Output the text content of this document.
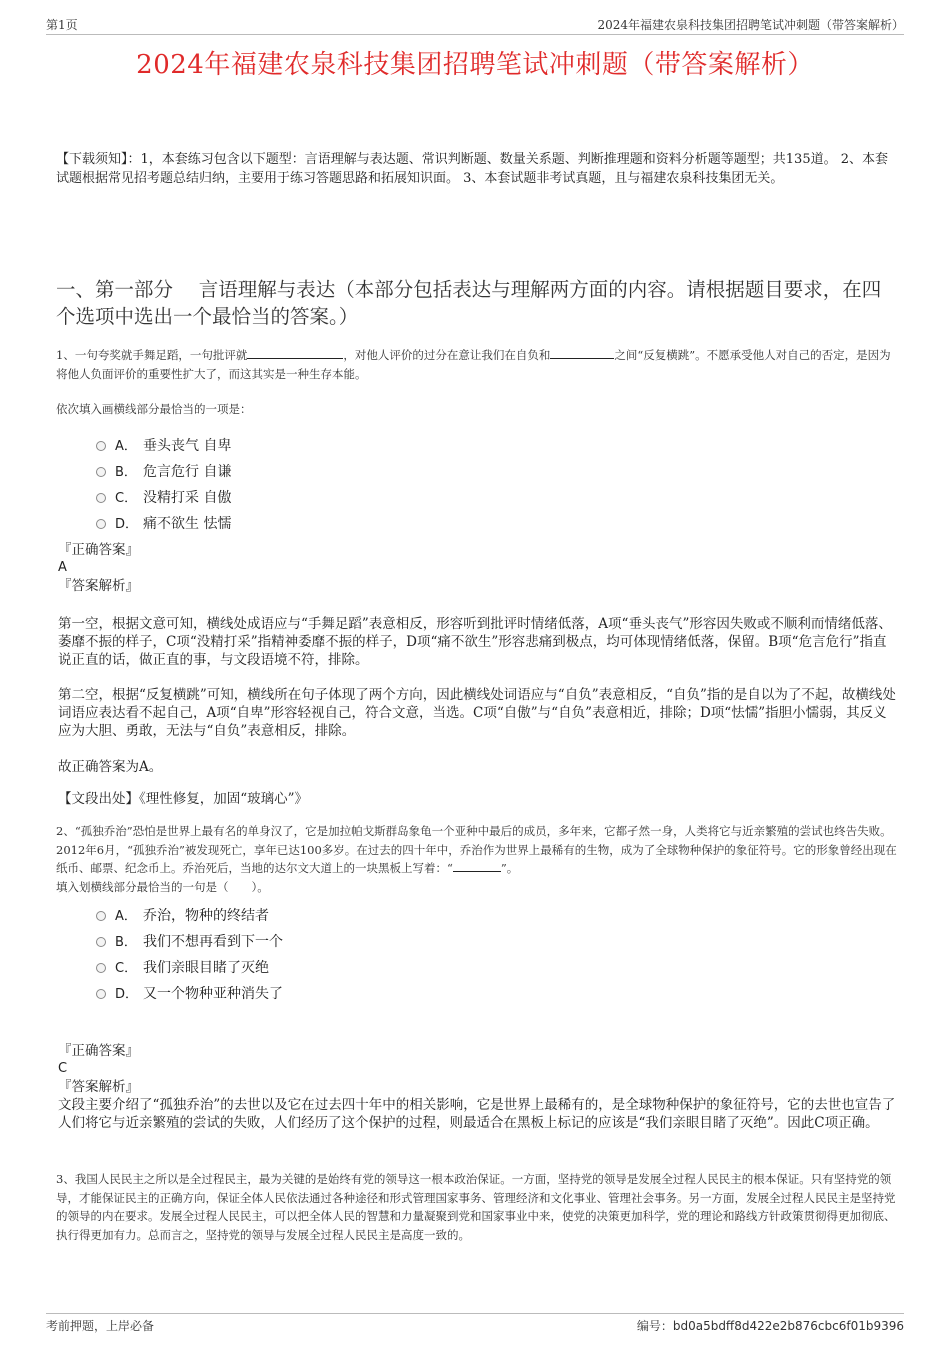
第1页	2024年福建农泉科技集团招聘笔试冲刺题（带答案解析）
2024年福建农泉科技集团招聘笔试冲刺题（带答案解析）
【下载须知】：1，本套练习包含以下题型：言语理解与表达题、常识判断题、数量关系题、判断推理题和资料分析题等题型；共135道。 2、本套试题根据常见招考题总结归纳，主要用于练习答题思路和拓展知识面。 3、本套试题非考试真题，且与福建农泉科技集团无关。
一、第一部分　 言语理解与表达（本部分包括表达与理解两方面的内容。请根据题目要求，在四个选项中选出一个最恰当的答案。）
1、一句夸奖就手舞足蹈，一句批评就	，对他人评价的过分在意让我们在自负和	之间“反复横跳”。不愿承受他人对自己的否定，是因为将他人负面评价的重要性扩大了，而这其实是一种生存本能。
依次填入画横线部分最恰当的一项是：
A． 垂头丧气 自卑
B． 危言危行 自谦
C． 没精打采 自傲
D． 痛不欲生 怯懦
『正确答案』
A
『答案解析』
第一空，根据文意可知，横线处成语应与“手舞足蹈”表意相反，形容听到批评时情绪低落，A项“垂头丧气”形容因失败或不顺利而情绪低落、萎靡不振的样子，C项“没精打采”指精神委靡不振的样子，D项“痛不欲生”形容悲痛到极点，均可体现情绪低落，保留。B项“危言危行”指直说正直的话，做正直的事，与文段语境不符，排除。
第二空，根据“反复横跳”可知，横线所在句子体现了两个方向，因此横线处词语应与“自负”表意相反，“自负”指的是自以为了不起，故横线处词语应表达看不起自己，A项“自卑”形容轻视自己，符合文意，当选。C项“自傲”与“自负”表意相近，排除；D项“怯懦”指胆小懦弱，其反义应为大胆、勇敢，无法与“自负”表意相反，排除。
故正确答案为A。
【文段出处】《理性修复，加固“玻璃心”》
2、“孤独乔治”恐怕是世界上最有名的单身汉了，它是加拉帕戈斯群岛象龟一个亚种中最后的成员，多年来，它都孑然一身，人类将它与近亲繁殖的尝试也终告失败。2012年6月，“孤独乔治”被发现死亡，享年已达100多岁。在过去的四十年中，乔治作为世界上最稀有的生物，成为了全球物种保护的象征符号。它的形象曾经出现在纸币、邮票、纪念币上。乔治死后，当地的达尔文大道上的一块黑板上写着：“	”。
填入划横线部分最恰当的一句是（　　）。
A． 乔治，物种的终结者
B． 我们不想再看到下一个
C． 我们亲眼目睹了灭绝
D． 又一个物种亚种消失了
『正确答案』
C
『答案解析』
文段主要介绍了“孤独乔治”的去世以及它在过去四十年中的相关影响，它是世界上最稀有的，是全球物种保护的象征符号，它的去世也宣告了人们将它与近亲繁殖的尝试的失败，人们经历了这个保护的过程，则最适合在黑板上标记的应该是“我们亲眼目睹了灭绝”。因此C项正确。
3、我国人民民主之所以是全过程民主，最为关键的是始终有党的领导这一根本政治保证。一方面，坚持党的领导是发展全过程人民民主的根本保证。只有坚持党的领导，才能保证民主的正确方向，保证全体人民依法通过各种途径和形式管理国家事务、管理经济和文化事业、管理社会事务。另一方面，发展全过程人民民主是坚持党的领导的内在要求。发展全过程人民民主，可以把全体人民的智慧和力量凝聚到党和国家事业中来，使党的决策更加科学，党的理论和路线方针政策贯彻得更加彻底、执行得更加有力。总而言之，坚持党的领导与发展全过程人民民主是高度一致的。
考前押题，上岸必备	编号：bd0a5bdff8d422e2b876cbc6f01b9396
